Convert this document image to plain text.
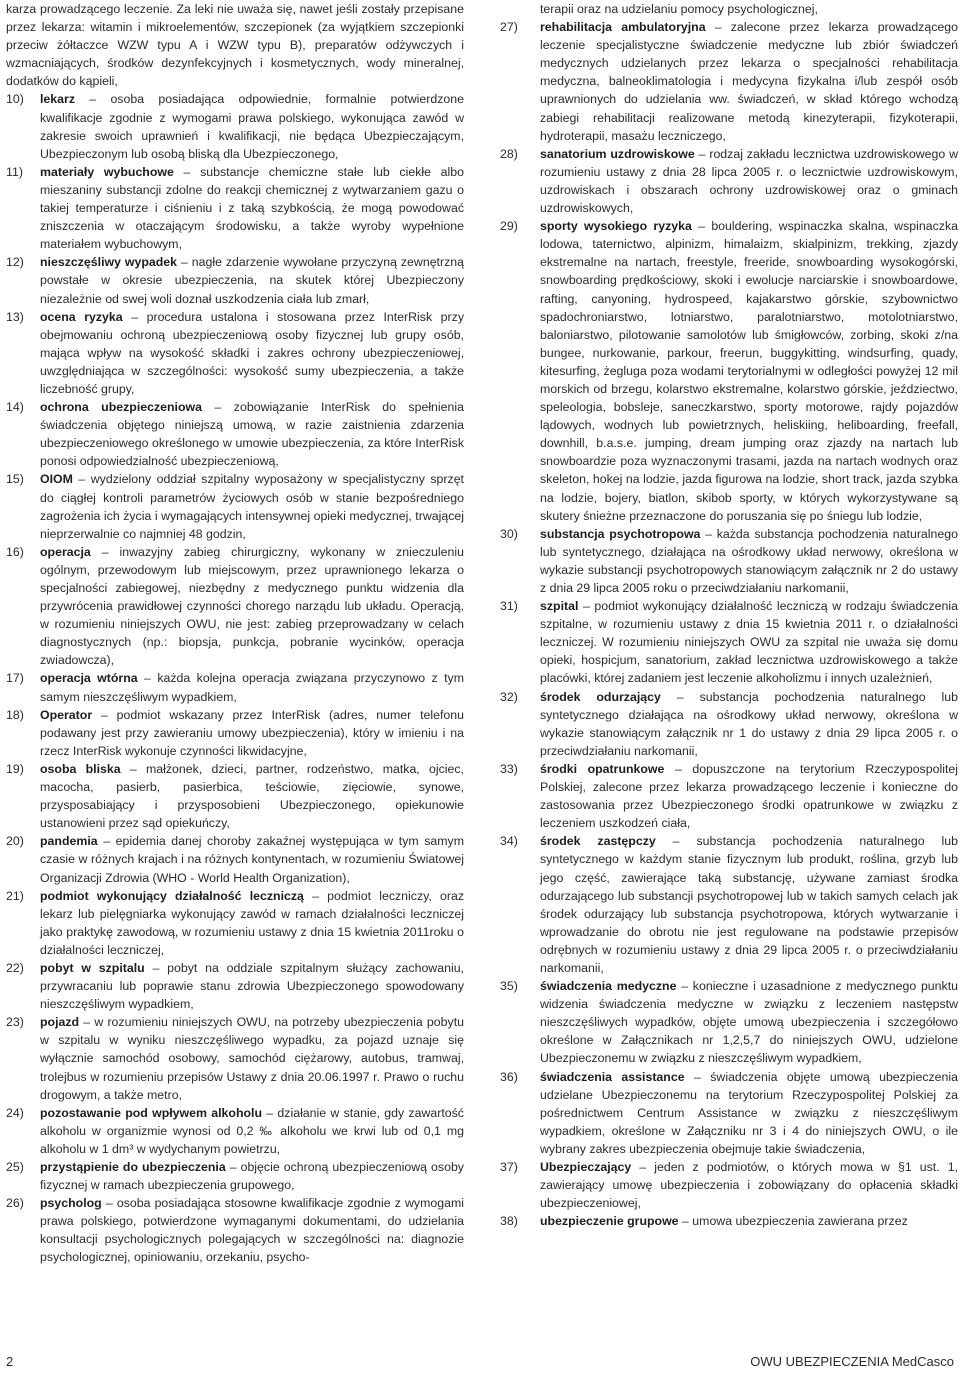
karza prowadzącego leczenie. Za leki nie uważa się, nawet jeśli zostały przepisane przez lekarza: witamin i mikroelementów, szczepionek (za wyjątkiem szczepionki przeciw żółtaczce WZW typu A i WZW typu B), preparatów odżywczych i wzmacniających, środków dezynfekcyjnych i kosmetycznych, wody mineralnej, dodatków do kąpieli,

10) lekarz – osoba posiadająca odpowiednie, formalnie potwierdzone kwalifikacje zgodnie z wymogami prawa polskiego, wykonująca zawód w zakresie swoich uprawnień i kwalifikacji, nie będąca Ubezpieczającym, Ubezpieczonym lub osobą bliską dla Ubezpieczonego,

11) materiały wybuchowe – substancje chemiczne stałe lub ciekłe albo mieszaniny substancji zdolne do reakcji chemicznej z wytwarzaniem gazu o takiej temperaturze i ciśnieniu i z taką szybkością, że mogą powodować zniszczenia w otaczającym środowisku, a także wyroby wypełnione materiałem wybuchowym,

12) nieszczęśliwy wypadek – nagłe zdarzenie wywołane przyczyną zewnętrzną powstałe w okresie ubezpieczenia, na skutek której Ubezpieczony niezależnie od swej woli doznał uszkodzenia ciała lub zmarł,

13) ocena ryzyka – procedura ustalona i stosowana przez InterRisk przy obejmowaniu ochroną ubezpieczeniową osoby fizycznej lub grupy osób, mająca wpływ na wysokość składki i zakres ochrony ubezpieczeniowej, uwzględniająca w szczególności: wysokość sumy ubezpieczenia, a także liczebność grupy,

14) ochrona ubezpieczeniowa – zobowiązanie InterRisk do spełnienia świadczenia objętego niniejszą umową, w razie zaistnienia zdarzenia ubezpieczeniowego określonego w umowie ubezpieczenia, za które InterRisk ponosi odpowiedzialność ubezpieczeniową,

15) OIOM – wydzielony oddział szpitalny wyposażony w specjalistyczny sprzęt do ciągłej kontroli parametrów życiowych osób w stanie bezpośredniego zagrożenia ich życia i wymagających intensywnej opieki medycznej, trwającej nieprzerwalnie co najmniej 48 godzin,

16) operacja – inwazyjny zabieg chirurgiczny, wykonany w znieczuleniu ogólnym, przewodowym lub miejscowym, przez uprawnionego lekarza o specjalności zabiegowej, niezbędny z medycznego punktu widzenia dla przywrócenia prawidłowej czynności chorego narządu lub układu. Operacją, w rozumieniu niniejszych OWU, nie jest: zabieg przeprowadzany w celach diagnostycznych (np.: biopsja, punkcja, pobranie wycinków, operacja zwiadowcza),

17) operacja wtórna – każda kolejna operacja związana przyczynowo z tym samym nieszczęśliwym wypadkiem,

18) Operator – podmiot wskazany przez InterRisk (adres, numer telefonu podawany jest przy zawieraniu umowy ubezpieczenia), który w imieniu i na rzecz InterRisk wykonuje czynności likwidacyjne,

19) osoba bliska – małżonek, dzieci, partner, rodzeństwo, matka, ojciec, macocha, pasierb, pasierbica, teściowie, zięciowie, synowe, przysposabiający i przysposobieni Ubezpieczonego, opiekunowie ustanowieni przez sąd opiekuńczy,

20) pandemia – epidemia danej choroby zakaźnej występująca w tym samym czasie w różnych krajach i na różnych kontynentach, w rozumieniu Światowej Organizacji Zdrowia (WHO - World Health Organization),

21) podmiot wykonujący działalność leczniczą – podmiot leczniczy, oraz lekarz lub pielęgniarka wykonujący zawód w ramach działalności leczniczej jako praktykę zawodową, w rozumieniu ustawy z dnia 15 kwietnia 2011roku o działalności leczniczej,

22) pobyt w szpitalu – pobyt na oddziale szpitalnym służący zachowaniu, przywracaniu lub poprawie stanu zdrowia Ubezpieczonego spowodowany nieszczęśliwym wypadkiem,

23) pojazd – w rozumieniu niniejszych OWU, na potrzeby ubezpieczenia pobytu w szpitalu w wyniku nieszczęśliwego wypadku, za pojazd uznaje się wyłącznie samochód osobowy, samochód ciężarowy, autobus, tramwaj, trolejbus w rozumieniu przepisów Ustawy z dnia 20.06.1997 r. Prawo o ruchu drogowym, a także metro,

24) pozostawanie pod wpływem alkoholu – działanie w stanie, gdy zawartość alkoholu w organizmie wynosi od 0,2 ‰ alkoholu we krwi lub od 0,1 mg alkoholu w 1 dm³ w wydychanym powietrzu,

25) przystąpienie do ubezpieczenia – objęcie ochroną ubezpieczeniową osoby fizycznej w ramach ubezpieczenia grupowego,

26) psycholog – osoba posiadająca stosowne kwalifikacje zgodnie z wymogami prawa polskiego, potwierdzone wymaganymi dokumentami, do udzielania konsultacji psychologicznych polegających w szczególności na: diagnozie psychologicznej, opiniowaniu, orzekaniu, psycho-

terapii oraz na udzielaniu pomocy psychologicznej,

27) rehabilitacja ambulatoryjna – zalecone przez lekarza prowadzącego leczenie specjalistyczne świadczenie medyczne lub zbiór świadczeń medycznych udzielanych przez lekarza o specjalności rehabilitacja medyczna, balneoklimatologia i medycyna fizykalna i/lub zespół osób uprawnionych do udzielania ww. świadczeń, w skład którego wchodzą zabiegi rehabilitacji realizowane metodą kinezyterapii, fizykoterapii, hydroterapii, masażu leczniczego,

28) sanatorium uzdrowiskowe – rodzaj zakładu lecznictwa uzdrowiskowego w rozumieniu ustawy z dnia 28 lipca 2005 r. o lecznictwie uzdrowiskowym, uzdrowiskach i obszarach ochrony uzdrowiskowej oraz o gminach uzdrowiskowych,

29) sporty wysokiego ryzyka – bouldering, wspinaczka skalna, wspinaczka lodowa, taternictwo, alpinizm, himalaizm, skialpinizm, trekking, zjazdy ekstremalne na nartach, freestyle, freeride, snowboarding wysokogórski, snowboarding prędkościowy, skoki i ewolucje narciarskie i snowboardowe, rafting, canyoning, hydrospeed, kajakarstwo górskie, szybownictwo spadochroniarstwo, lotniarstwo, paralotniarstwo, motolotniarstwo, baloniarstwo, pilotowanie samolotów lub śmigłowców, zorbing, skoki z/na bungee, nurkowanie, parkour, freerun, buggykitting, windsurfing, quady, kitesurfing, żegluga poza wodami terytorialnymi w odległości powyżej 12 mil morskich od brzegu, kolarstwo ekstremalne, kolarstwo górskie, jeździectwo, speleologia, bobsleje, saneczkarstwo, sporty motorowe, rajdy pojazdów lądowych, wodnych lub powietrznych, heliskiing, heliboarding, freefall, downhill, b.a.s.e. jumping, dream jumping oraz zjazdy na nartach lub snowboardzie poza wyznaczonymi trasami, jazda na nartach wodnych oraz skeleton, hokej na lodzie, jazda figurowa na lodzie, short track, jazda szybka na lodzie, bojery, biatlon, skibob sporty, w których wykorzystywane są skutery śnieżne przeznaczone do poruszania się po śniegu lub lodzie,

30) substancja psychotropowa – każda substancja pochodzenia naturalnego lub syntetycznego, działająca na ośrodkowy układ nerwowy, określona w wykazie substancji psychotropowych stanowiącym załącznik nr 2 do ustawy z dnia 29 lipca 2005 roku o przeciwdziałaniu narkomanii,

31) szpital – podmiot wykonujący działalność leczniczą w rodzaju świadczenia szpitalne, w rozumieniu ustawy z dnia 15 kwietnia 2011 r. o działalności leczniczej. W rozumieniu niniejszych OWU za szpital nie uważa się domu opieki, hospicjum, sanatorium, zakład lecznictwa uzdrowiskowego a także placówki, której zadaniem jest leczenie alkoholizmu i innych uzależnień,

32) środek odurzający – substancja pochodzenia naturalnego lub syntetycznego działająca na ośrodkowy układ nerwowy, określona w wykazie stanowiącym załącznik nr 1 do ustawy z dnia 29 lipca 2005 r. o przeciwdziałaniu narkomanii,

33) środki opatrunkowe – dopuszczone na terytorium Rzeczypospolitej Polskiej, zalecone przez lekarza prowadzącego leczenie i konieczne do zastosowania przez Ubezpieczonego środki opatrunkowe w związku z leczeniem uszkodzeń ciała,

34) środek zastępczy – substancja pochodzenia naturalnego lub syntetycznego w każdym stanie fizycznym lub produkt, roślina, grzyb lub jego część, zawierające taką substancję, używane zamiast środka odurzającego lub substancji psychotropowej lub w takich samych celach jak środek odurzający lub substancja psychotropowa, których wytwarzanie i wprowadzanie do obrotu nie jest regulowane na podstawie przepisów odrębnych w rozumieniu ustawy z dnia 29 lipca 2005 r. o przeciwdziałaniu narkomanii,

35) świadczenia medyczne – konieczne i uzasadnione z medycznego punktu widzenia świadczenia medyczne w związku z leczeniem następstw nieszczęśliwych wypadków, objęte umową ubezpieczenia i szczegółowo określone w Załącznikach nr 1,2,5,7 do niniejszych OWU, udzielone Ubezpieczonemu w związku z nieszczęśliwym wypadkiem,

36) świadczenia assistance – świadczenia objęte umową ubezpieczenia udzielane Ubezpieczonemu na terytorium Rzeczypospolitej Polskiej za pośrednictwem Centrum Assistance w związku z nieszczęśliwym wypadkiem, określone w Załączniku nr 3 i 4 do niniejszych OWU, o ile wybrany zakres ubezpieczenia obejmuje takie świadczenia,

37) Ubezpieczający – jeden z podmiotów, o których mowa w §1 ust. 1, zawierający umowę ubezpieczenia i zobowiązany do opłacenia składki ubezpieczeniowej,

38) ubezpieczenie grupowe – umowa ubezpieczenia zawierana przez

2	OWU UBEZPIECZENIA MedCasco
